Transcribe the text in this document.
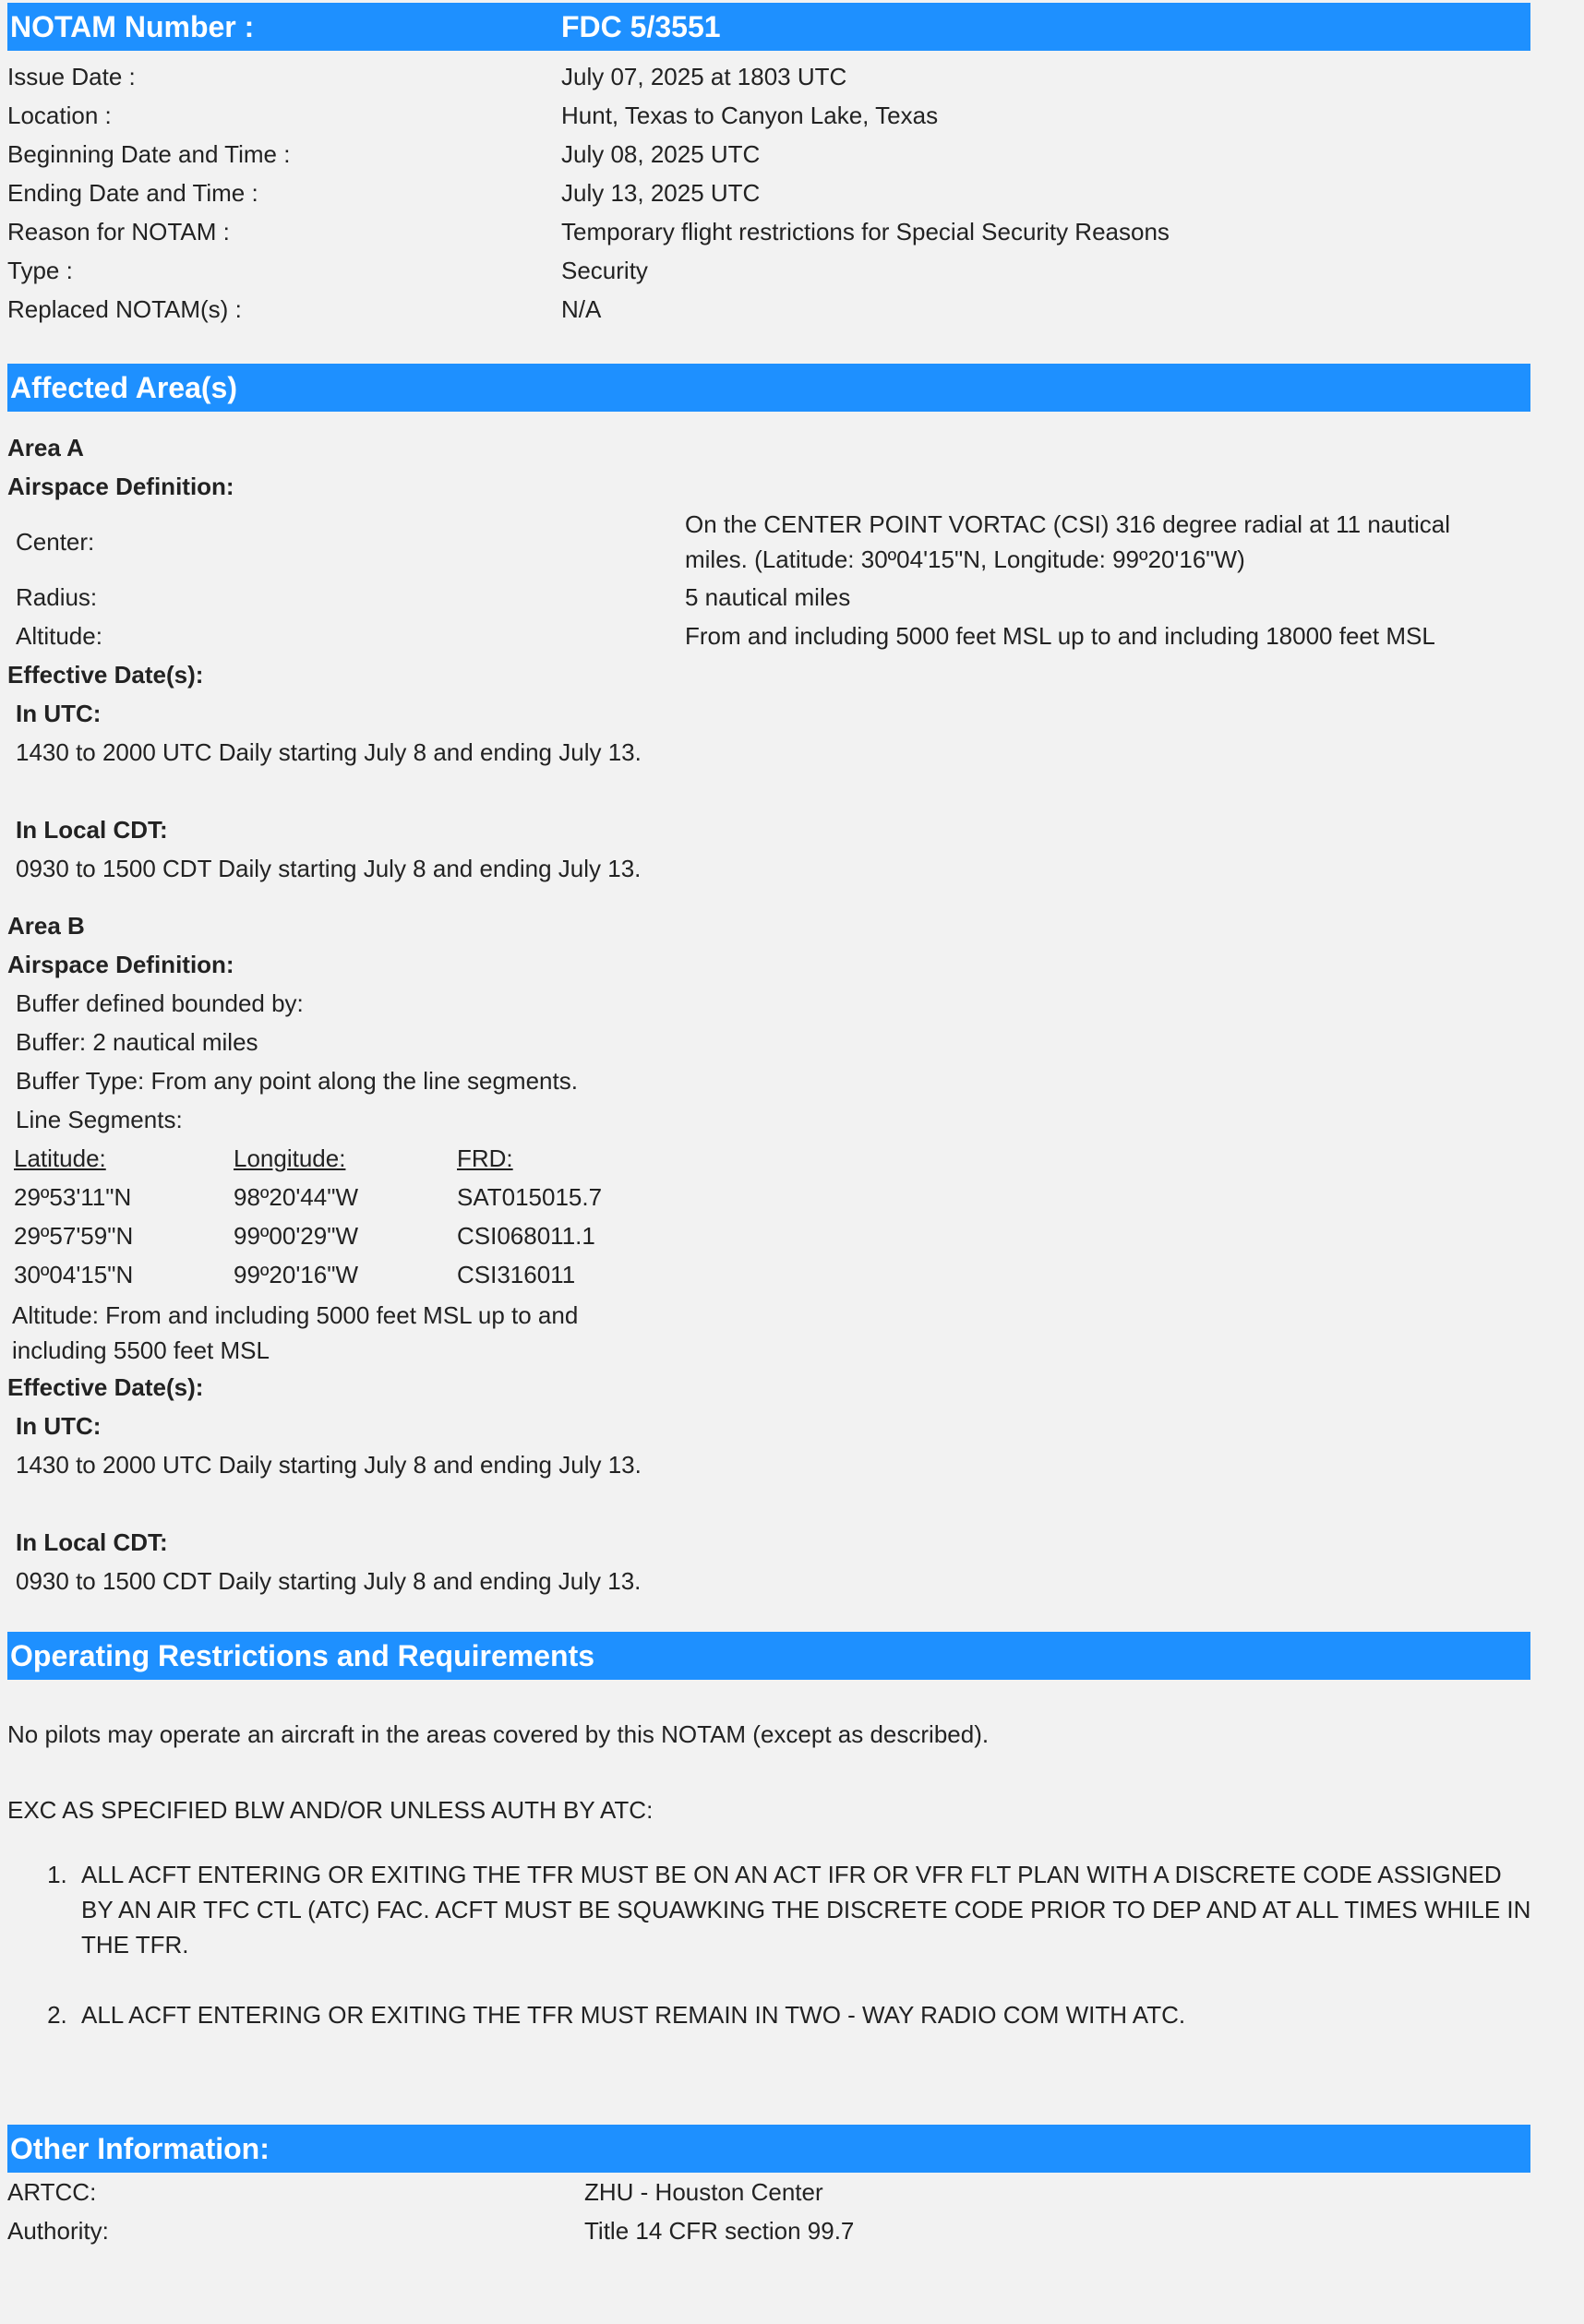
NOTAM Number :	FDC 5/3551
Issue Date :	July 07, 2025 at 1803 UTC
Location :	Hunt, Texas to Canyon Lake, Texas
Beginning Date and Time :	July 08, 2025 UTC
Ending Date and Time :	July 13, 2025 UTC
Reason for NOTAM :	Temporary flight restrictions for Special Security Reasons
Type :	Security
Replaced NOTAM(s) :	N/A
Affected Area(s)
Area A
Airspace Definition:
Center:
On the CENTER POINT VORTAC (CSI) 316 degree radial at 11 nautical miles. (Latitude: 30º04'15"N, Longitude: 99º20'16"W)
Radius:	5 nautical miles
Altitude:	From and including 5000 feet MSL up to and including 18000 feet MSL
Effective Date(s):
In UTC:
1430 to 2000 UTC Daily starting July 8 and ending July 13.
In Local CDT:
0930 to 1500 CDT Daily starting July 8 and ending July 13.
Area B
Airspace Definition:
Buffer defined bounded by:
Buffer: 2 nautical miles
Buffer Type: From any point along the line segments.
Line Segments:
Latitude:	Longitude:	FRD:
29º53'11"N	98º20'44"W	SAT015015.7
29º57'59"N	99º00'29"W	CSI068011.1
30º04'15"N	99º20'16"W	CSI316011
Altitude: From and including 5000 feet MSL up to and including 5500 feet MSL
Effective Date(s):
In UTC:
1430 to 2000 UTC Daily starting July 8 and ending July 13.
In Local CDT:
0930 to 1500 CDT Daily starting July 8 and ending July 13.
Operating Restrictions and Requirements
No pilots may operate an aircraft in the areas covered by this NOTAM (except as described).
EXC AS SPECIFIED BLW AND/OR UNLESS AUTH BY ATC:
1. ALL ACFT ENTERING OR EXITING THE TFR MUST BE ON AN ACT IFR OR VFR FLT PLAN WITH A DISCRETE CODE ASSIGNED BY AN AIR TFC CTL (ATC) FAC. ACFT MUST BE SQUAWKING THE DISCRETE CODE PRIOR TO DEP AND AT ALL TIMES WHILE IN THE TFR.
2. ALL ACFT ENTERING OR EXITING THE TFR MUST REMAIN IN TWO - WAY RADIO COM WITH ATC.
Other Information:
ARTCC:	ZHU - Houston Center
Authority:	Title 14 CFR section 99.7
